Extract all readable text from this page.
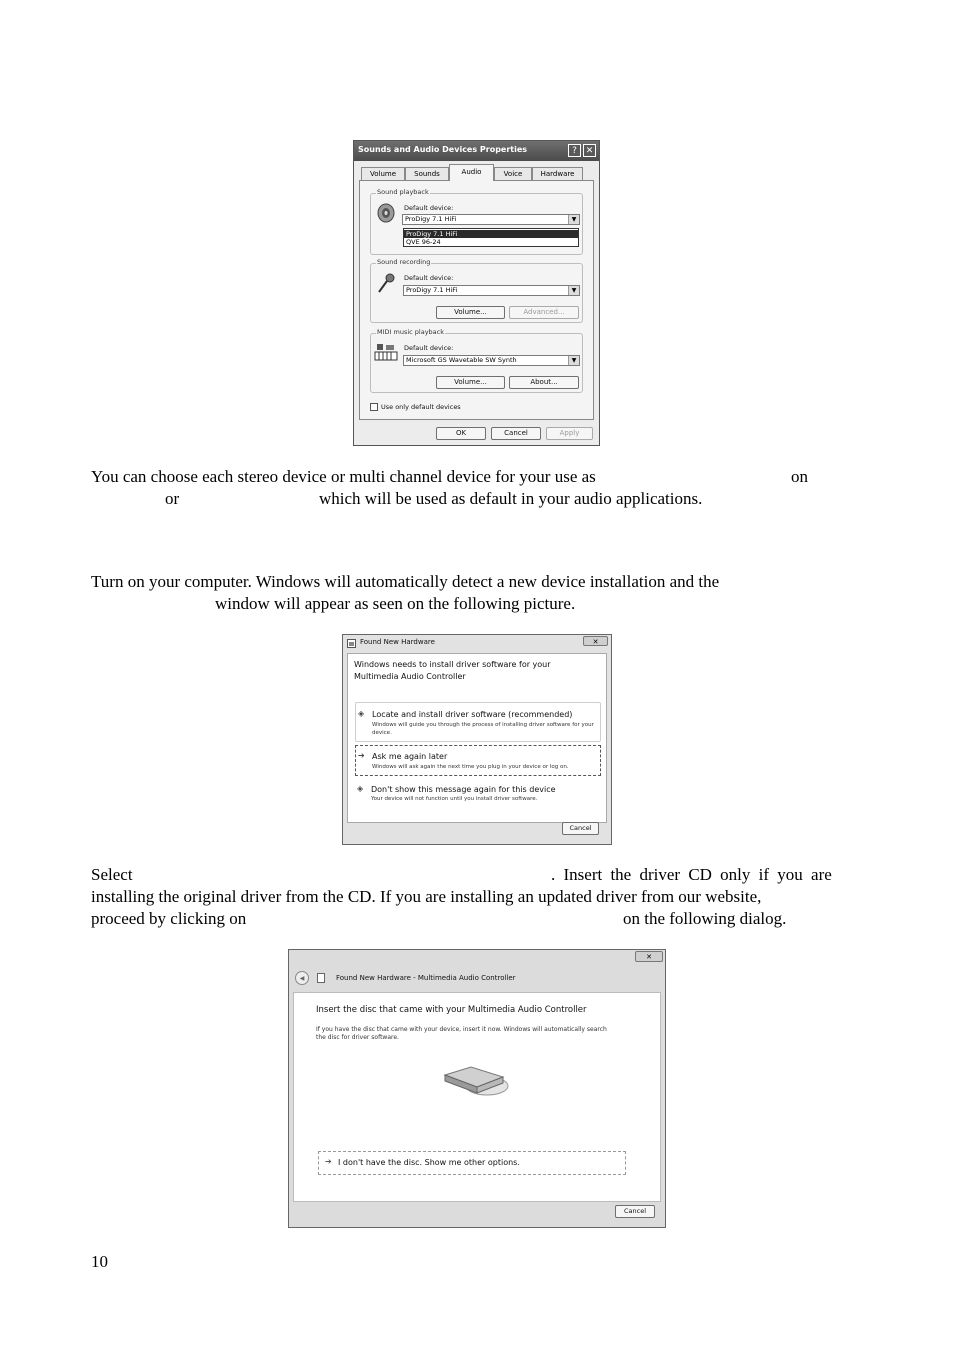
Sounds and Audio Devices Properties	? ✕
Volume	Sounds	Voice	Hardware
Sound playback
Default device:
Sound recording
Default device:
ProDigy 7.1 HiFi	▼
Volume...	Advanced...
MIDI music playback
Default device:
Microsoft GS Wavetable SW Synth	▼
Volume...	About...
Use only default devices
ProDigy 7.1 HiFi	▼
ProDigy 7.1 HiFi
QVE 96-24
Audio
OK	Cancel	Apply
You can choose each stereo device or multi channel device for your use as	on
or	which will be used as default in your audio applications.
Turn on your computer. Windows will automatically detect a new device installation and the
window will appear as seen on the following picture.
Found New Hardware	✕
Windows needs to install driver software for your
Multimedia Audio Controller
◈ Locate and install driver software (recommended)
Windows will guide you through the process of installing driver software for your device.
➔ Ask me again later
Windows will ask again the next time you plug in your device or log on.
◈ Don't show this message again for this device
Your device will not function until you install driver software.
Cancel
Select	. Insert the driver CD only if you are
installing the original driver from the CD. If you are installing an updated driver from our website,
proceed by clicking on	on the following dialog.
✕
◀	Found New Hardware - Multimedia Audio Controller
Insert the disc that came with your Multimedia Audio Controller
If you have the disc that came with your device, insert it now. Windows will automatically search the disc for driver software.
➔ I don't have the disc. Show me other options.
Cancel
10
